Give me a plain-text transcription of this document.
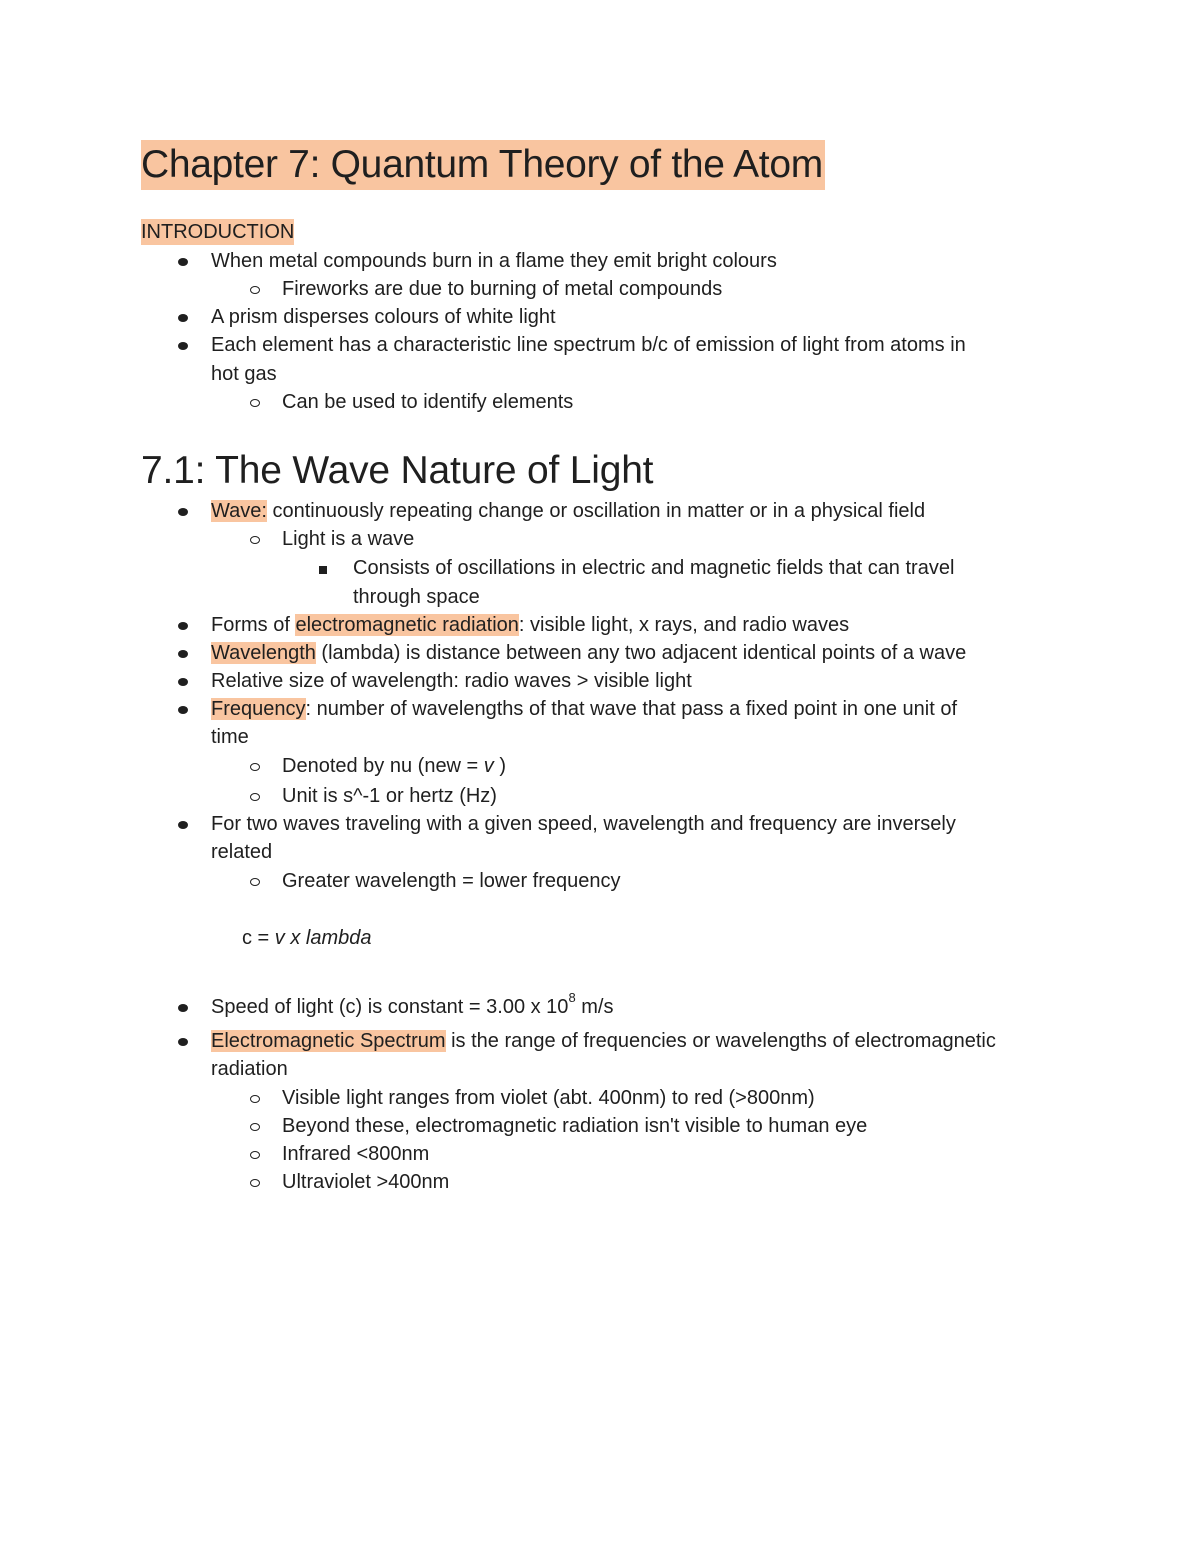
Chapter 7: Quantum Theory of the Atom
INTRODUCTION
When metal compounds burn in a flame they emit bright colours
Fireworks are due to burning of metal compounds
A prism disperses colours of white light
Each element has a characteristic line spectrum b/c of emission of light from atoms in
hot gas
Can be used to identify elements
7.1: The Wave Nature of Light
Wave: continuously repeating change or oscillation in matter or in a physical field
Light is a wave
Consists of oscillations in electric and magnetic fields that can travel
through space
Forms of electromagnetic radiation: visible light, x rays, and radio waves
Wavelength (lambda) is distance between any two adjacent identical points of a wave
Relative size of wavelength: radio waves > visible light
Frequency: number of wavelengths of that wave that pass a fixed point in one unit of
time
Denoted by nu (new = v )
Unit is s^-1 or hertz (Hz)
For two waves traveling with a given speed, wavelength and frequency are inversely
related
Greater wavelength = lower frequency
c = v x lambda
Speed of light (c) is constant = 3.00 x $10^8$ m/s
Electromagnetic Spectrum is the range of frequencies or wavelengths of electromagnetic
radiation
Visible light ranges from violet (abt. 400nm) to red (>800nm)
Beyond these, electromagnetic radiation isn't visible to human eye
Infrared <800nm
Ultraviolet >400nm
